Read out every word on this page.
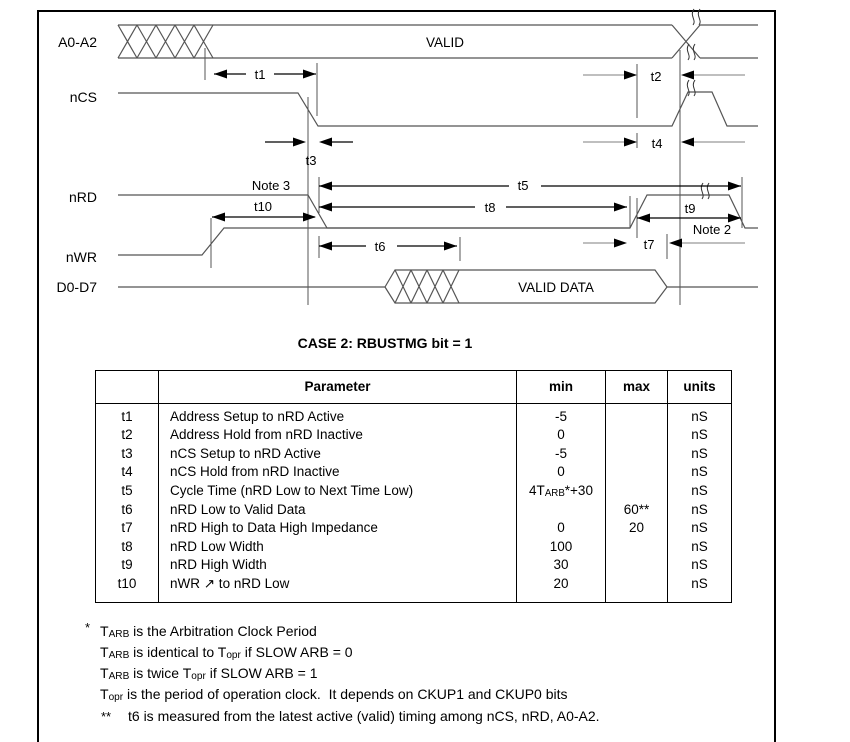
A0-A2
nCS
nRD
nWR
D0-D7
t1	t2
t3
t4
t5
t6	t7
t8	t9
t10
Note 3
Note 2
VALID
VALID DATA
CASE 2: RBUSTMG bit = 1
	Parameter	min	max	units

t1	Address Setup to nRD Active	-5		nS
t2	Address Hold from nRD Inactive	0		nS
t3	nCS Setup to nRD Active	-5		nS
t4	nCS Hold from nRD Inactive	0		nS
t5	Cycle Time (nRD Low to Next Time Low)	$4T_{ARB}*+30$		nS
t6	nRD Low to Valid Data		60**	nS
t7	nRD High to Data High Impedance	0	20	nS
t8	nRD Low Width	100		nS
t9	nRD High Width	30		nS
t10	nWR ↗ to nRD Low	20		nS

* $T_{ARB}$ is the Arbitration Clock Period
$T_{ARB}$ is identical to $T_{opr}$ if SLOW ARB = 0
$T_{ARB}$ is twice $T_{opr}$ if SLOW ARB = 1
$T_{opr}$ is the period of operation clock.  It depends on CKUP1 and CKUP0 bits
** t6 is measured from the latest active (valid) timing among nCS, nRD, A0-A2.
